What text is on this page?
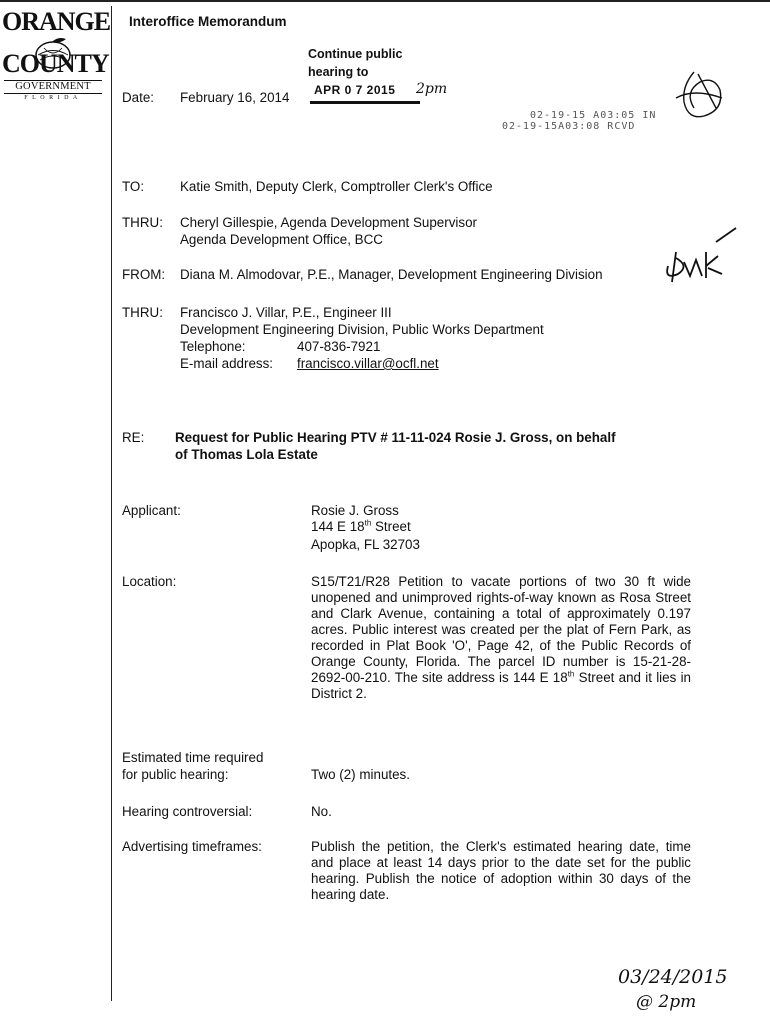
ORANGE
COUNTY
GOVERNMENT
FLORIDA
Interoffice Memorandum
Continue public
hearing to
APR 0 7 2015 2pm
02-19-15 A03:05 IN
02-19-15A03:08 RCVD
Date: February 16, 2014
TO:	Katie Smith, Deputy Clerk, Comptroller Clerk's Office
THRU: Cheryl Gillespie, Agenda Development Supervisor
Agenda Development Office, BCC
FROM: Diana M. Almodovar, P.E., Manager, Development Engineering Division
THRU: Francisco J. Villar, P.E., Engineer III
Development Engineering Division, Public Works Department
Telephone:	407-836-7921
E-mail address: francisco.villar@ocfl.net
RE: Request for Public Hearing PTV # 11-11-024 Rosie J. Gross, on behalf
of Thomas Lola Estate
Applicant:	Rosie J. Gross
144 E 18th Street
Apopka, FL 32703
Location:	S15/T21/R28 Petition to vacate portions of two 30 ft wide unopened and unimproved rights-of-way known as Rosa Street and Clark Avenue, containing a total of approximately 0.197 acres. Public interest was created per the plat of Fern Park, as recorded in Plat Book 'O', Page 42, of the Public Records of Orange County, Florida. The parcel ID number is 15-21-28-2692-00-210. The site address is 144 E 18th Street and it lies in District 2.
Estimated time required
for public hearing:	Two (2) minutes.
Hearing controversial:	No.
Advertising timeframes:	Publish the petition, the Clerk's estimated hearing date, time and place at least 14 days prior to the date set for the public hearing. Publish the notice of adoption within 30 days of the hearing date.
03/24/2015
@ 2pm
